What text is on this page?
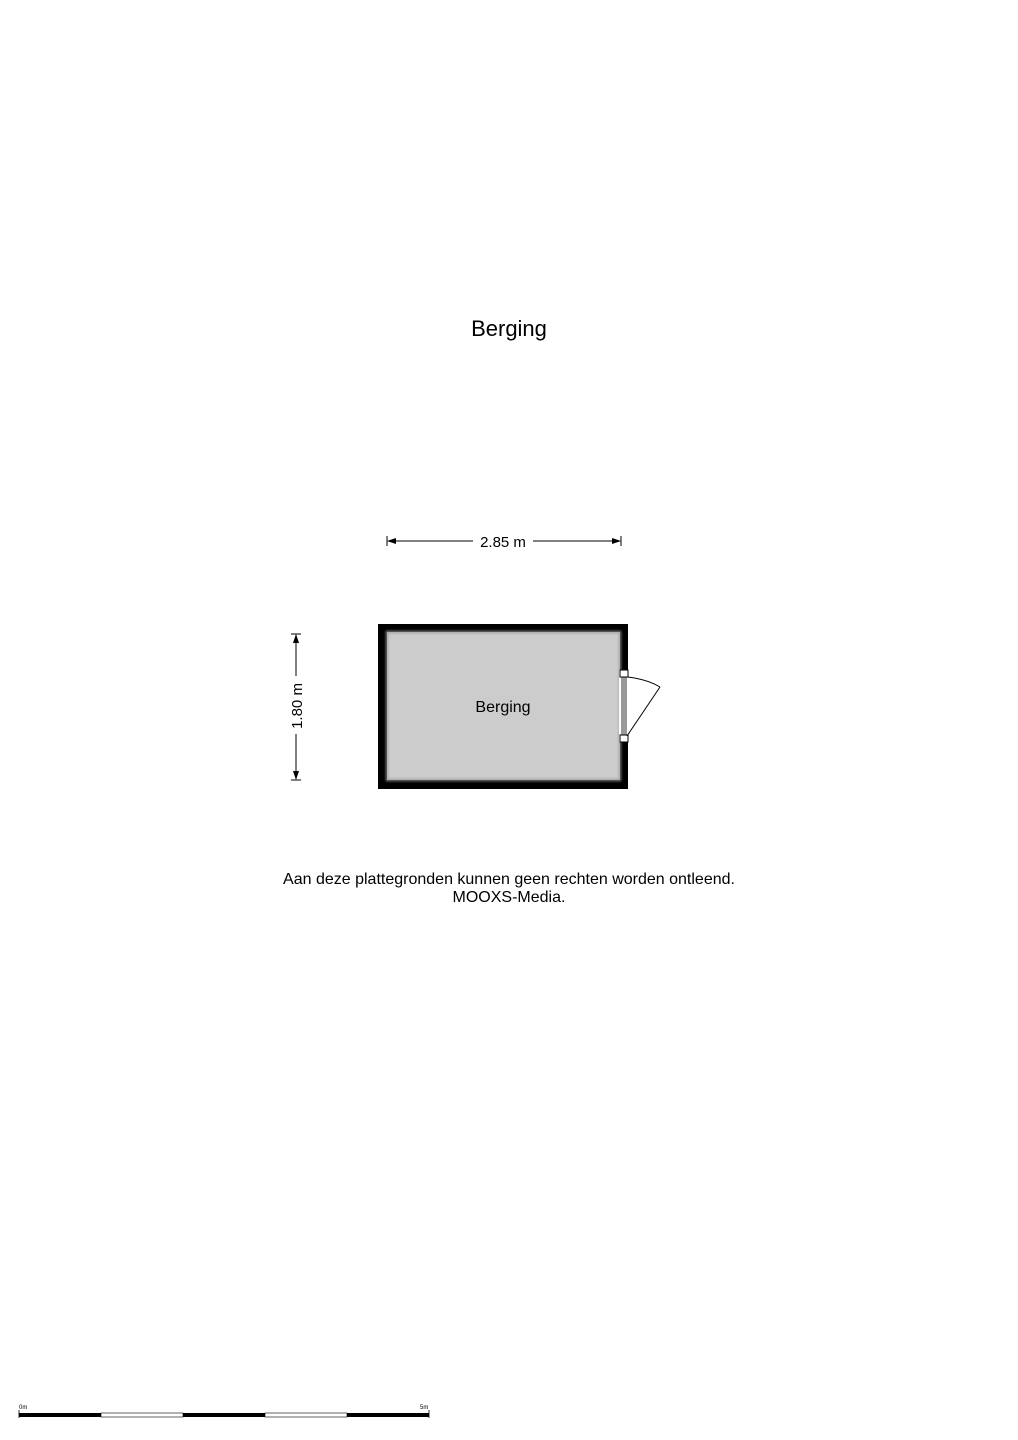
Berging
2.85 m
1.80 m	Berging
0m	5m
Aan deze plattegronden kunnen geen rechten worden ontleend.
MOOXS-Media.
